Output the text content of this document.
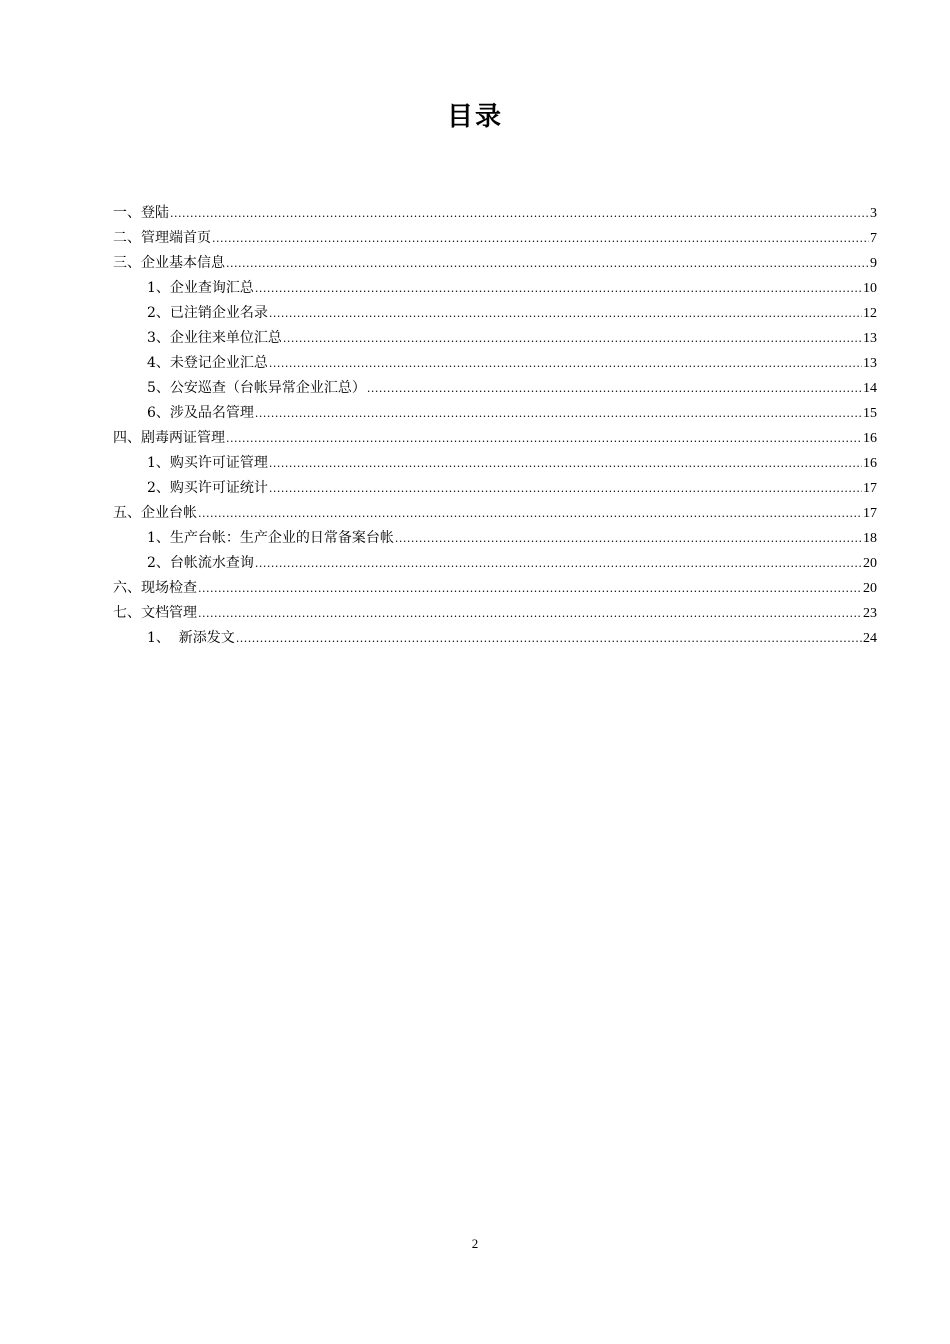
目录
一、登陆 .....	3
二、管理端首页 .....	7
三、企业基本信息 .....	9
1、企业查询汇总 .....	10
2、已注销企业名录 .....	12
3、企业往来单位汇总 .....	13
4、未登记企业汇总 .....	13
5、公安巡查（台帐异常企业汇总） .....	14
6、涉及品名管理 .....	15
四、剧毒两证管理 .....	16
1、购买许可证管理 .....	16
2、购买许可证统计 .....	17
五、企业台帐 .....	17
1、生产台帐：生产企业的日常备案台帐 .....	18
2、台帐流水查询 .....	20
六、现场检查 .....	20
七、文档管理 .....	23
1、  新添发文 .....	24
2
